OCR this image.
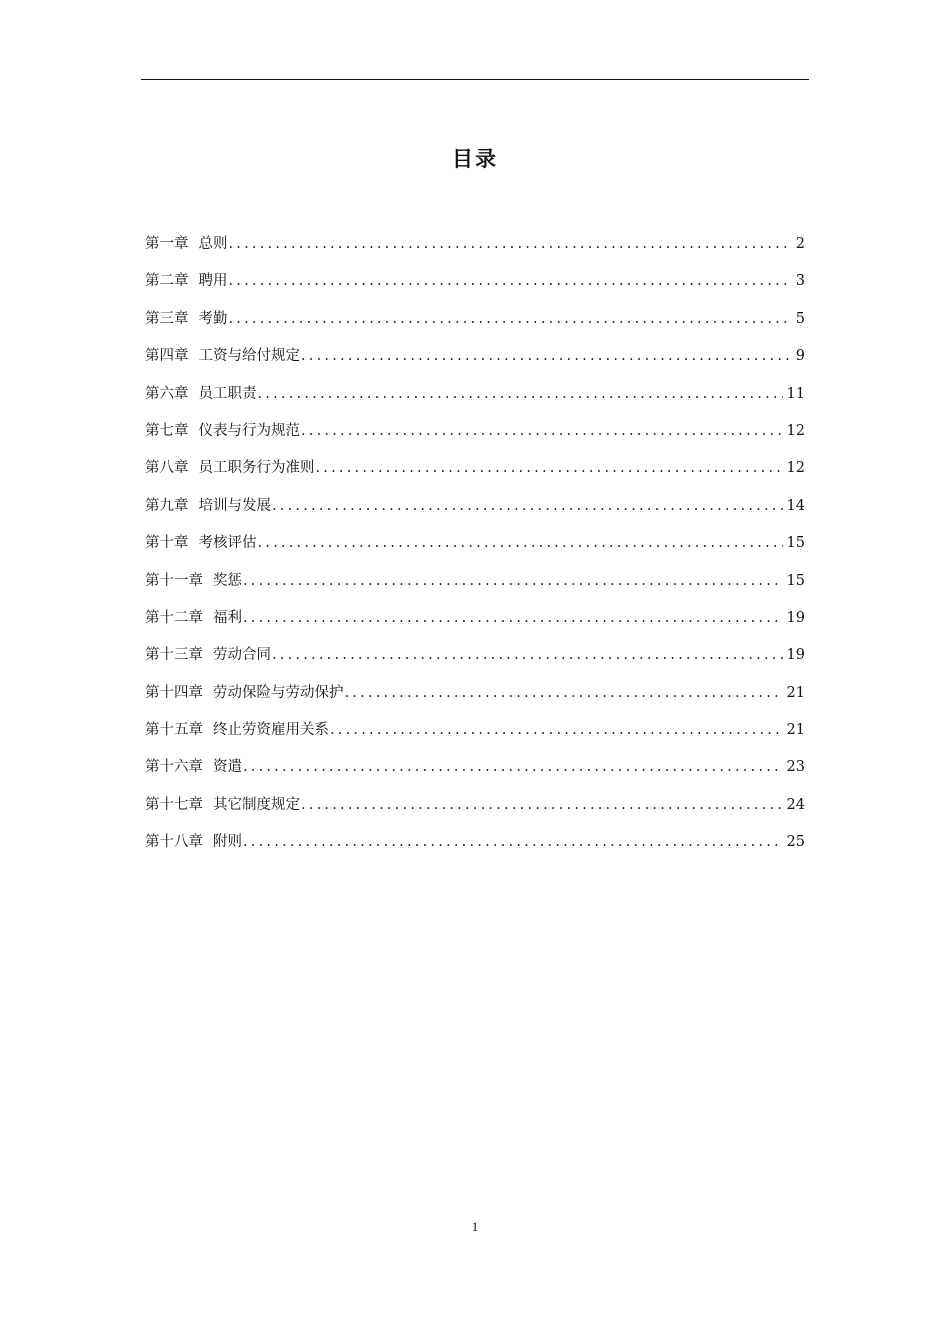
目录
第一章 总则 .....	2
第二章 聘用 .....	3
第三章 考勤 .....	5
第四章 工资与给付规定 .....	9
第六章 员工职责 .....	11
第七章 仪表与行为规范 .....	12
第八章 员工职务行为准则 .....	12
第九章 培训与发展 .....	14
第十章 考核评估 .....	15
第十一章 奖惩 .....	15
第十二章 福利 .....	19
第十三章 劳动合同 .....	19
第十四章 劳动保险与劳动保护 .....	21
第十五章 终止劳资雇用关系 .....	21
第十六章 资遣 .....	23
第十七章 其它制度规定 .....	24
第十八章 附则 .....	25
1
